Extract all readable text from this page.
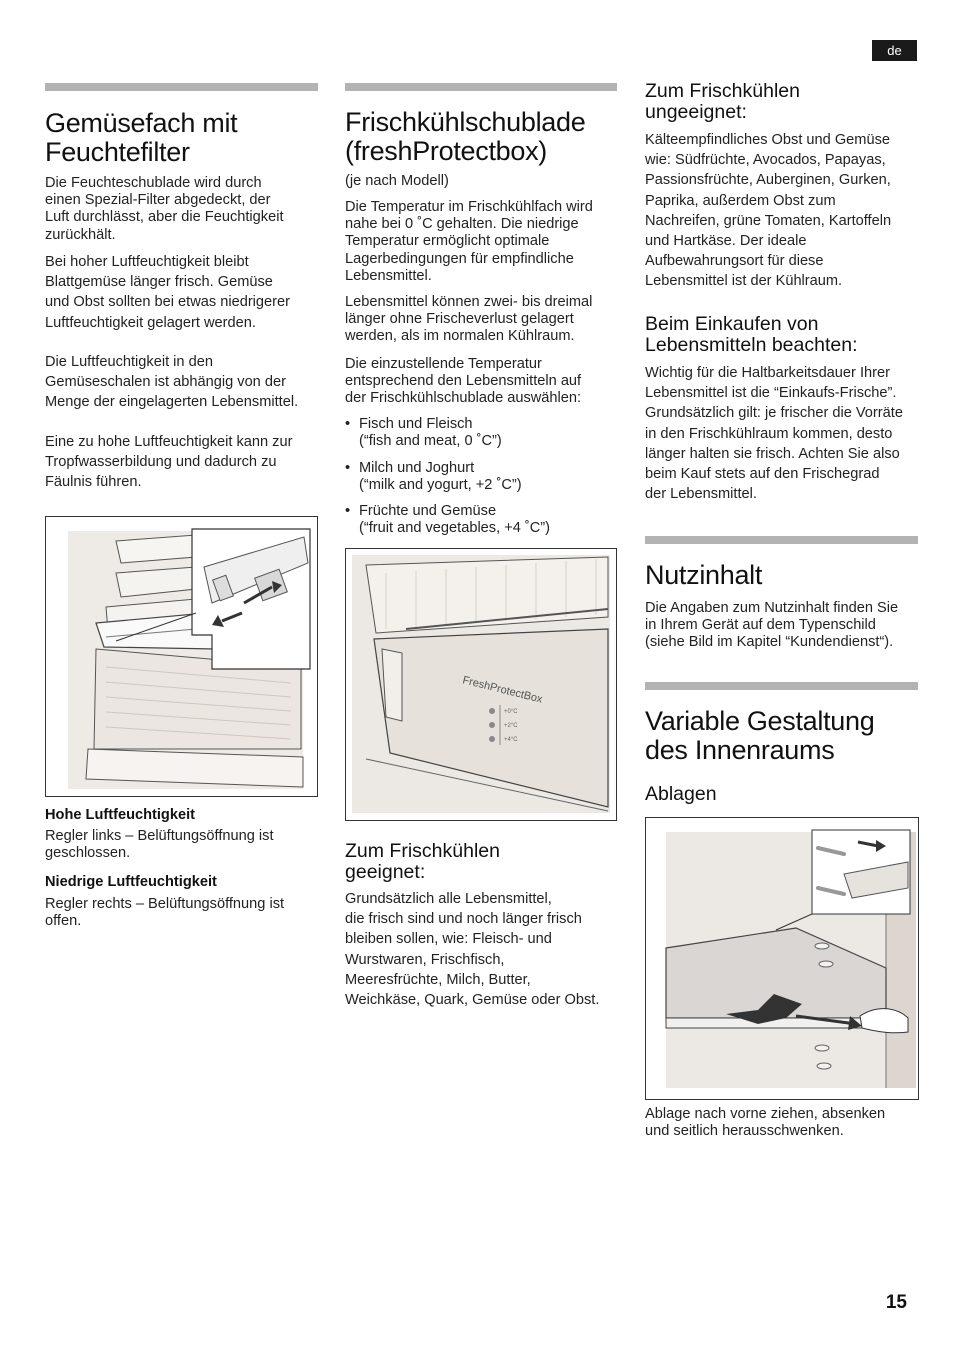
de
Gemüsefach mit
Feuchtefilter
Die Feuchteschublade wird durch
einen Spezial-Filter abgedeckt, der
Luft durchlässt, aber die Feuchtigkeit
zurückhält.
Bei hoher Luftfeuchtigkeit bleibt
Blattgemüse länger frisch. Gemüse
und Obst sollten bei etwas niedrigerer
Luftfeuchtigkeit gelagert werden.
Die Luftfeuchtigkeit in den
Gemüseschalen ist abhängig von der
Menge der eingelagerten Lebensmittel.
Eine zu hohe Luftfeuchtigkeit kann zur
Tropfwasserbildung und dadurch zu
Fäulnis führen.
Hohe Luftfeuchtigkeit
Regler links – Belüftungsöffnung ist
geschlossen.
Niedrige Luftfeuchtigkeit
Regler rechts – Belüftungsöffnung ist
offen.
Frischkühlschublade
(freshProtectbox)
(je nach Modell)
Die Temperatur im Frischkühlfach wird
nahe bei 0 ˚C gehalten. Die niedrige
Temperatur ermöglicht optimale
Lagerbedingungen für empfindliche
Lebensmittel.
Lebensmittel können zwei- bis dreimal
länger ohne Frischeverlust gelagert
werden, als im normalen Kühlraum.
Die einzustellende Temperatur
entsprechend den Lebensmitteln auf
der Frischkühlschublade auswählen:
• Fisch und Fleisch
(“fish and meat, 0 ˚C”)
• Milch und Joghurt
(“milk and yogurt, +2 ˚C”)
• Früchte und Gemüse
(“fruit and vegetables, +4 ˚C”)
FreshProtectBox
+0°C
+2°C
+4°C
Zum Frischkühlen
geeignet:
Grundsätzlich alle Lebensmittel,
die frisch sind und noch länger frisch
bleiben sollen, wie: Fleisch- und
Wurstwaren, Frischfisch,
Meeresfrüchte, Milch, Butter,
Weichkäse, Quark, Gemüse oder Obst.
Zum Frischkühlen
ungeeignet:
Kälteempfindliches Obst und Gemüse
wie: Südfrüchte, Avocados, Papayas,
Passionsfrüchte, Auberginen, Gurken,
Paprika, außerdem Obst zum
Nachreifen, grüne Tomaten, Kartoffeln
und Hartkäse. Der ideale
Aufbewahrungsort für diese
Lebensmittel ist der Kühlraum.
Beim Einkaufen von
Lebensmitteln beachten:
Wichtig für die Haltbarkeitsdauer Ihrer
Lebensmittel ist die “Einkaufs-Frische”.
Grundsätzlich gilt: je frischer die Vorräte
in den Frischkühlraum kommen, desto
länger halten sie frisch. Achten Sie also
beim Kauf stets auf den Frischegrad
der Lebensmittel.
Nutzinhalt
Die Angaben zum Nutzinhalt finden Sie
in Ihrem Gerät auf dem Typenschild
(siehe Bild im Kapitel “Kundendienst“).
Variable Gestaltung
des Innenraums
Ablagen
Ablage nach vorne ziehen, absenken
und seitlich herausschwenken.
15
